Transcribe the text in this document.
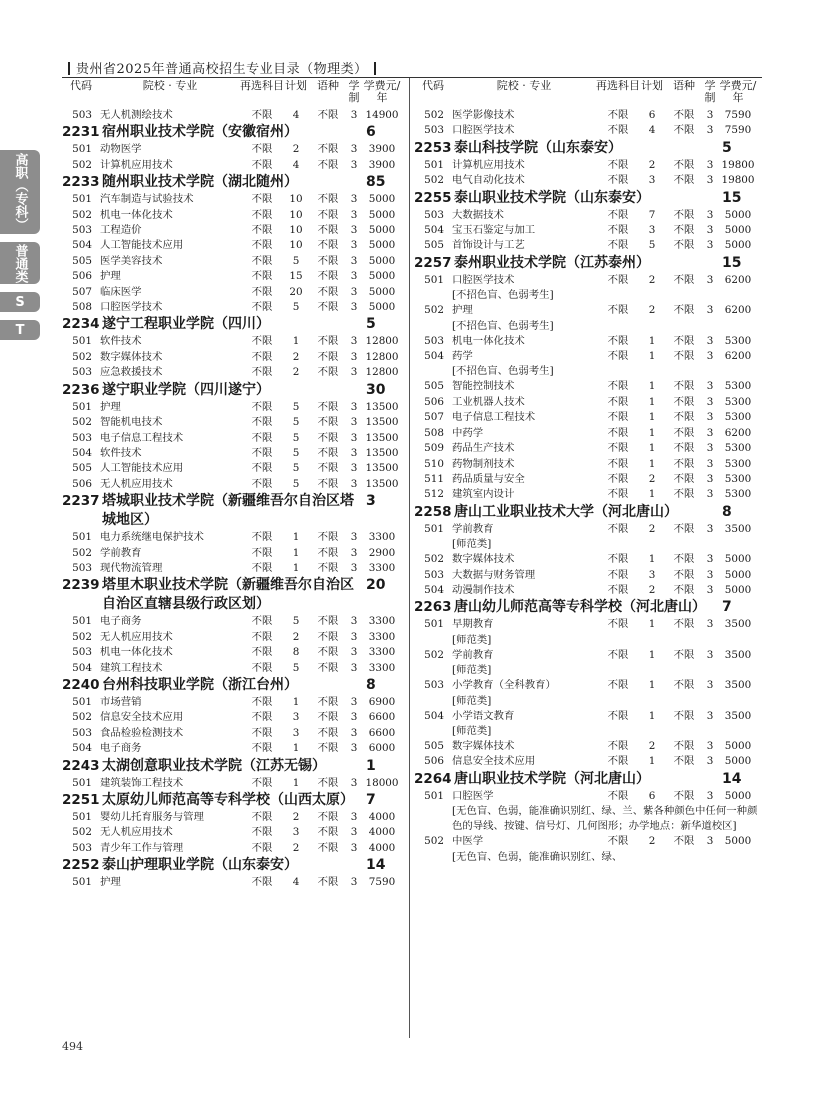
贵州省2025年普通高校招生专业目录（物理类）
高职（专科）
普通类
S
T
代码	院校 · 专业	再选科目 计划 语种 学制
学费元/年
503 无人机测绘技术	不限	4	不限	3 14900
2231 宿州职业技术学院（安徽宿州）	6
501 动物医学	不限	2	不限	3	3900
502 计算机应用技术	不限	4	不限	3	3900
2233 随州职业技术学院（湖北随州）	85
501 汽车制造与试验技术	不限	10	不限	3	5000
502 机电一体化技术	不限	10	不限	3	5000
503 工程造价	不限	10	不限	3	5000
504 人工智能技术应用	不限	10	不限	3	5000
505 医学美容技术	不限	5	不限	3	5000
506 护理	不限	15	不限	3	5000
507 临床医学	不限	20	不限	3	5000
508 口腔医学技术	不限	5	不限	3	5000
2234 遂宁工程职业学院（四川）	5
501 软件技术	不限	1	不限	3 12800
502 数字媒体技术	不限	2	不限	3 12800
503 应急救援技术	不限	2	不限	3 12800
2236 遂宁职业学院（四川遂宁）	30
501 护理	不限	5	不限	3 13500
502 智能机电技术	不限	5	不限	3 13500
503 电子信息工程技术	不限	5	不限	3 13500
504 软件技术	不限	5	不限	3 13500
505 人工智能技术应用	不限	5	不限	3 13500
506 无人机应用技术	不限	5	不限	3 13500
2237 塔城职业技术学院（新疆维吾尔自治区塔城地区）
3
501 电力系统继电保护技术	不限	1	不限	3	3300
502 学前教育	不限	1	不限	3	2900
503 现代物流管理	不限	1	不限	3	3300
2239 塔里木职业技术学院（新疆维吾尔自治区自治区直辖县级行政区划）
20
501 电子商务	不限	5	不限	3	3300
502 无人机应用技术	不限	2	不限	3	3300
503 机电一体化技术	不限	8	不限	3	3300
504 建筑工程技术	不限	5	不限	3	3300
2240 台州科技职业学院（浙江台州）	8
501 市场营销	不限	1	不限	3	6900
502 信息安全技术应用	不限	3	不限	3	6600
503 食品检验检测技术	不限	3	不限	3	6600
504 电子商务	不限	1	不限	3	6000
2243 太湖创意职业技术学院（江苏无锡）	1
501 建筑装饰工程技术	不限	1	不限	3 18000
2251 太原幼儿师范高等专科学校（山西太原） 7
501 婴幼儿托育服务与管理	不限	2	不限	3	4000
502 无人机应用技术	不限	3	不限	3	4000
503 青少年工作与管理	不限	2	不限	3	4000
2252 泰山护理职业学院（山东泰安）	14
501 护理	不限	4	不限	3	7590
代码	院校 · 专业	再选科目 计划 语种 学制
学费元/年
502 医学影像技术	不限	6	不限	3	7590
503 口腔医学技术	不限	4	不限	3	7590
2253 泰山科技学院（山东泰安）	5
501 计算机应用技术	不限	2	不限	3 19800
502 电气自动化技术	不限	3	不限	3 19800
2255 泰山职业技术学院（山东泰安）	15
503 大数据技术	不限	7	不限	3	5000
504 宝玉石鉴定与加工	不限	3	不限	3	5000
505 首饰设计与工艺	不限	5	不限	3	5000
2257 泰州职业技术学院（江苏泰州）	15
501 口腔医学技术	不限	2	不限	3	6200
[不招色盲、色弱考生]
502 护理	不限	2	不限	3	6200
[不招色盲、色弱考生]
503 机电一体化技术	不限	1	不限	3	5300
504 药学	不限	1	不限	3	6200
[不招色盲、色弱考生]
505 智能控制技术	不限	1	不限	3	5300
506 工业机器人技术	不限	1	不限	3	5300
507 电子信息工程技术	不限	1	不限	3	5300
508 中药学	不限	1	不限	3	6200
509 药品生产技术	不限	1	不限	3	5300
510 药物制剂技术	不限	1	不限	3	5300
511 药品质量与安全	不限	2	不限	3	5300
512 建筑室内设计	不限	1	不限	3	5300
2258 唐山工业职业技术大学（河北唐山）	8
501 学前教育	不限	2	不限	3	3500
[师范类]
502 数字媒体技术	不限	1	不限	3	5000
503 大数据与财务管理	不限	3	不限	3	5000
504 动漫制作技术	不限	2	不限	3	5000
2263 唐山幼儿师范高等专科学校（河北唐山）	7
501 早期教育	不限	1	不限	3	3500
[师范类]
502 学前教育	不限	1	不限	3	3500
[师范类]
503 小学教育（全科教育）	不限	1	不限	3	3500
[师范类]
504 小学语文教育	不限	1	不限	3	3500
[师范类]
505 数字媒体技术	不限	2	不限	3	5000
506 信息安全技术应用	不限	1	不限	3	5000
2264 唐山职业技术学院（河北唐山）	14
501 口腔医学	不限	6	不限	3	5000
[无色盲、色弱，能准确识别红、绿、兰、紫各种颜色中任何一种颜色的导线、按键、信号灯、几何图形；办学地点：新华道校区]
502 中医学	不限	2	不限	3	5000
[无色盲、色弱，能准确识别红、绿、
494
